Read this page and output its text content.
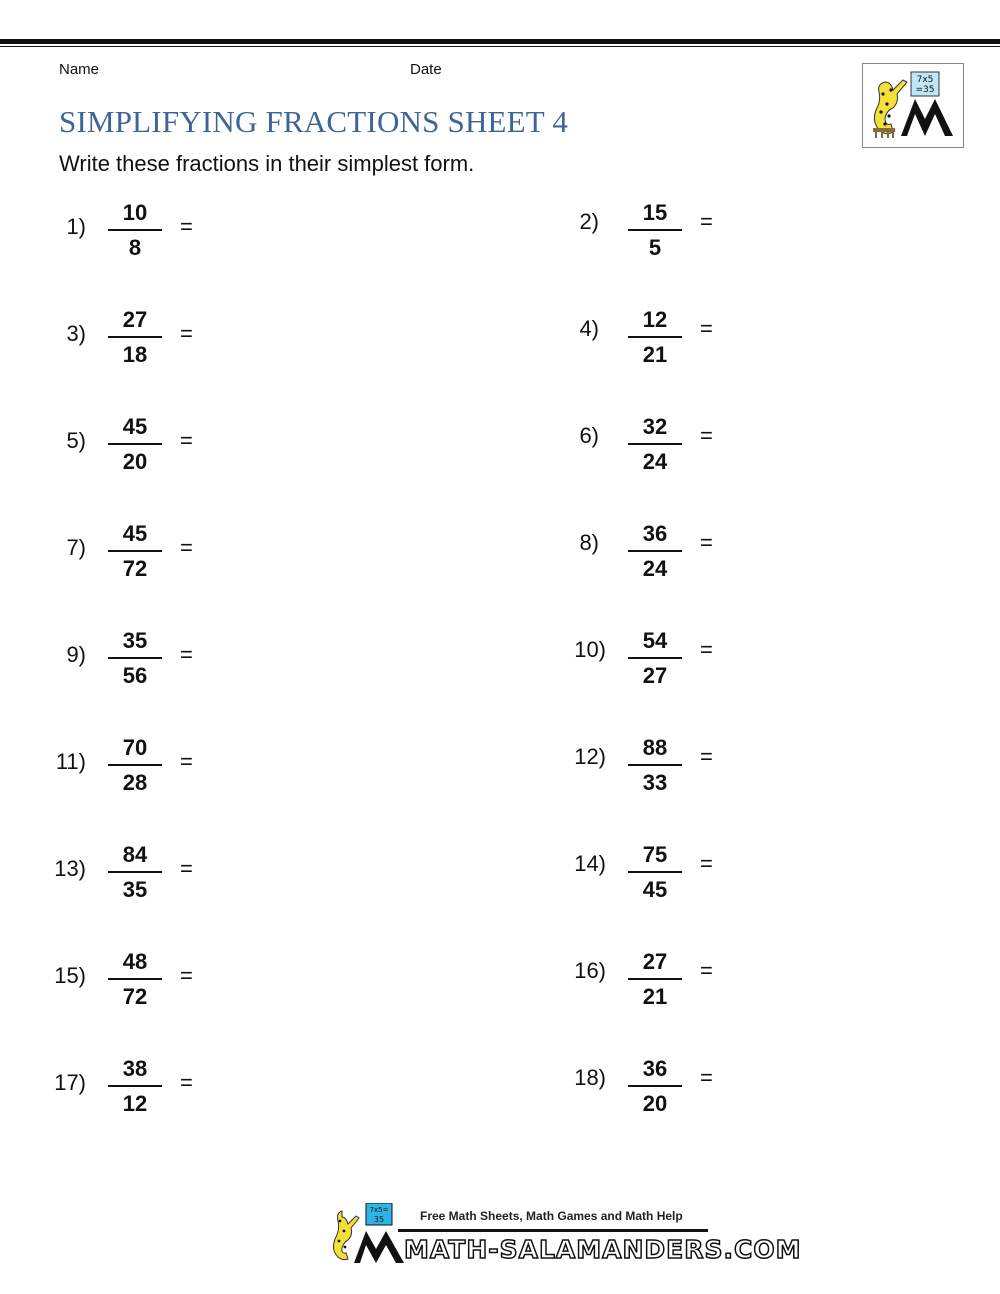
Name	Date
SIMPLIFYING FRACTIONS SHEET 4
Write these fractions in their simplest form.
7x5
=35
1)
10
8
=
3)
27
18
=
5)
45
20
=
7)
45
72
=
9)
35
56
=
11)
70
28
=
13)
84
35
=
15)
48
72
=
17)
38
12
=
2)	15
5
=
4)	12
21
=
6)	32
24
=
8)	36
24
=
10)	54
27
=
12)	88
33
=
14)	75
45
=
16)	27
21
=
18)	36
20
=
7x5=
35	Free Math Sheets, Math Games and Math Help
MATH-SALAMANDERS.COM
